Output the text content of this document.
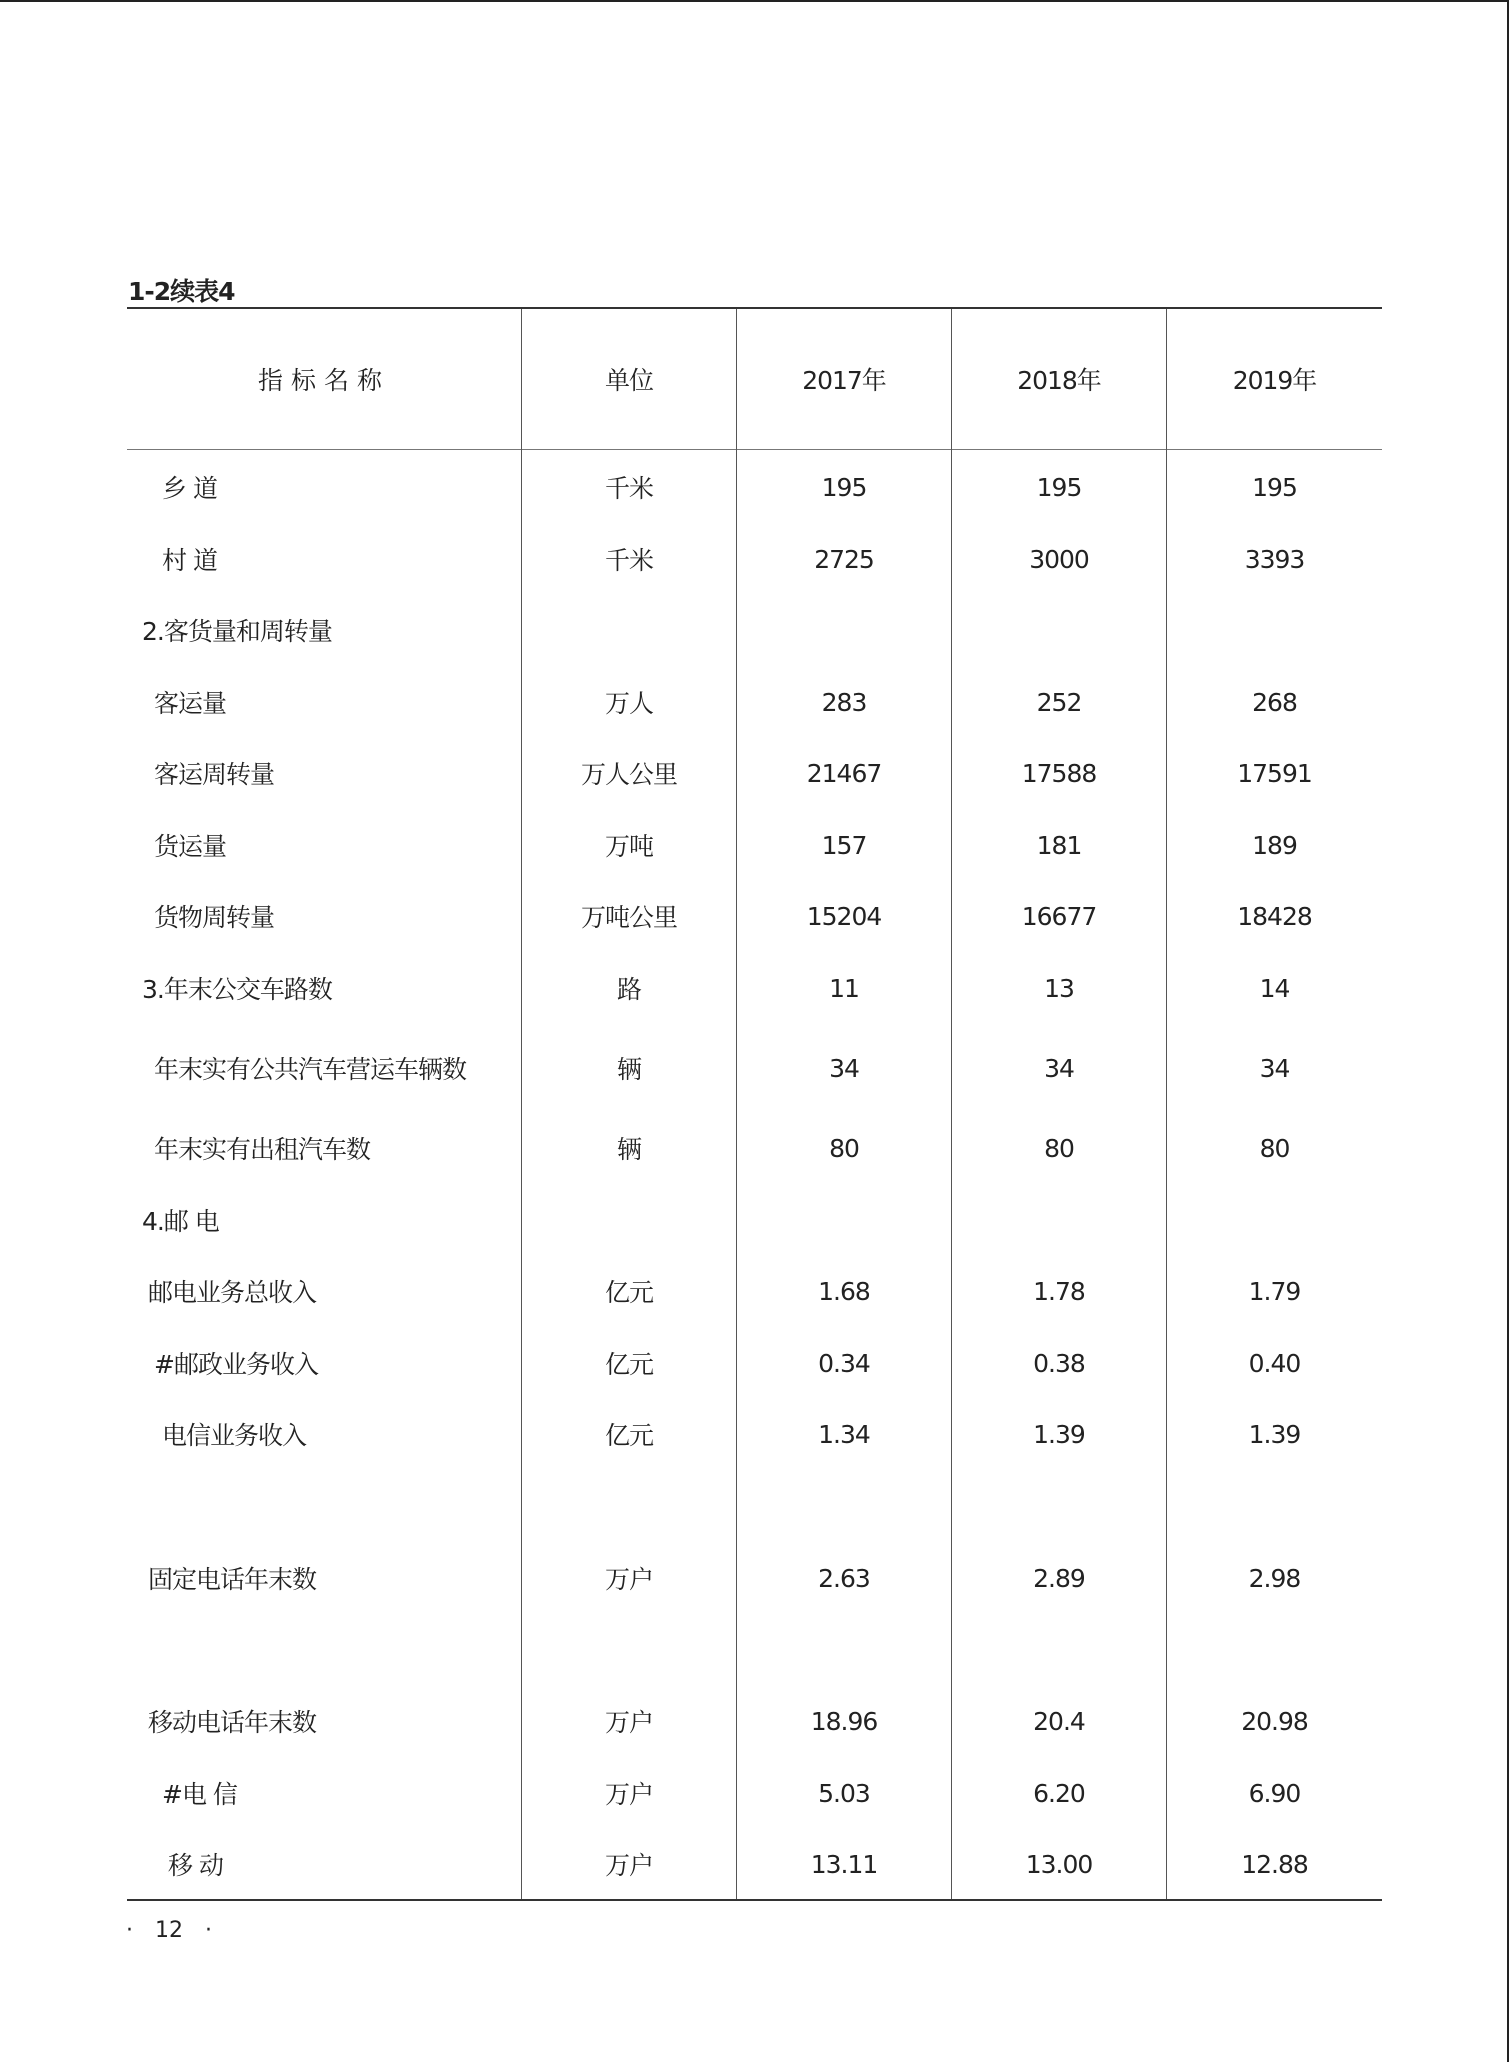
1-2续表4
指标名称	单位	2017年	2018年	2019年
乡 道	千米	195	195	195
村 道	千米	2725	3000	3393
2.客货量和周转量
客运量	万人	283	252	268
客运周转量	万人公里	21467	17588	17591
货运量	万吨	157	181	189
货物周转量	万吨公里	15204	16677	18428
3.年末公交车路数	路	11	13	14
年末实有公共汽车营运车辆数	辆	34	34	34
年末实有出租汽车数	辆	80	80	80
4.邮 电
邮电业务总收入	亿元	1.68	1.78	1.79
#邮政业务收入	亿元	0.34	0.38	0.40
电信业务收入	亿元	1.34	1.39	1.39
固定电话年末数	万户	2.63	2.89	2.98
移动电话年末数	万户	18.96	20.4	20.98
#电 信	万户	5.03	6.20	6.90
移 动	万户	13.11	13.00	12.88
· 12 ·
